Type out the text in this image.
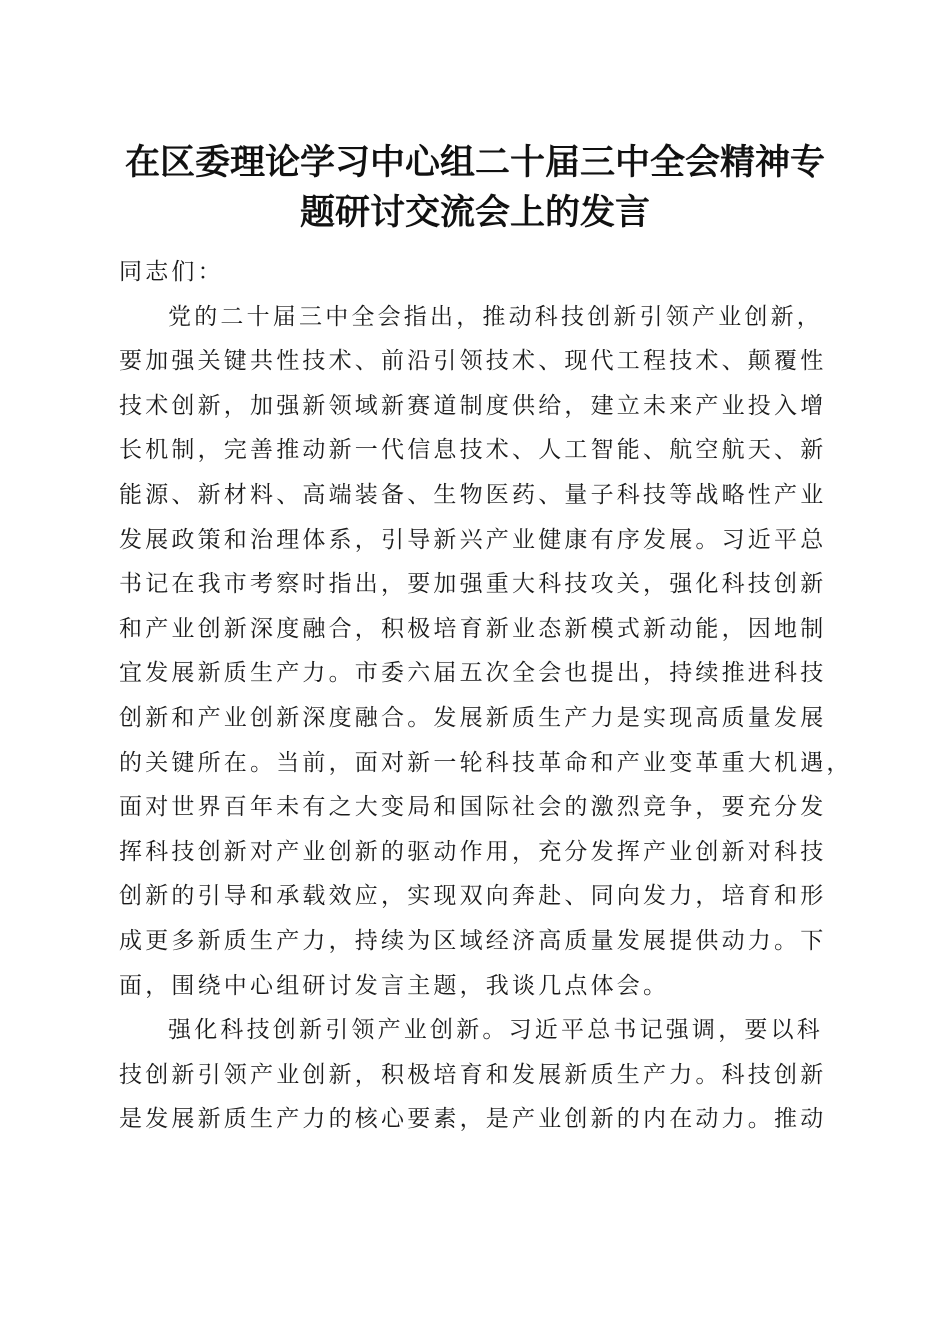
在区委理论学习中心组二十届三中全会精神专
题研讨交流会上的发言
同志们：
党的二十届三中全会指出，推动科技创新引领产业创新，
要加强关键共性技术、前沿引领技术、现代工程技术、颠覆性
技术创新，加强新领域新赛道制度供给，建立未来产业投入增
长机制，完善推动新一代信息技术、人工智能、航空航天、新
能源、新材料、高端装备、生物医药、量子科技等战略性产业
发展政策和治理体系，引导新兴产业健康有序发展。习近平总
书记在我市考察时指出，要加强重大科技攻关，强化科技创新
和产业创新深度融合，积极培育新业态新模式新动能，因地制
宜发展新质生产力。市委六届五次全会也提出，持续推进科技
创新和产业创新深度融合。发展新质生产力是实现高质量发展
的关键所在。当前，面对新一轮科技革命和产业变革重大机遇，
面对世界百年未有之大变局和国际社会的激烈竞争，要充分发
挥科技创新对产业创新的驱动作用，充分发挥产业创新对科技
创新的引导和承载效应，实现双向奔赴、同向发力，培育和形
成更多新质生产力，持续为区域经济高质量发展提供动力。下
面，围绕中心组研讨发言主题，我谈几点体会。
强化科技创新引领产业创新。习近平总书记强调，要以科
技创新引领产业创新，积极培育和发展新质生产力。科技创新
是发展新质生产力的核心要素，是产业创新的内在动力。推动
